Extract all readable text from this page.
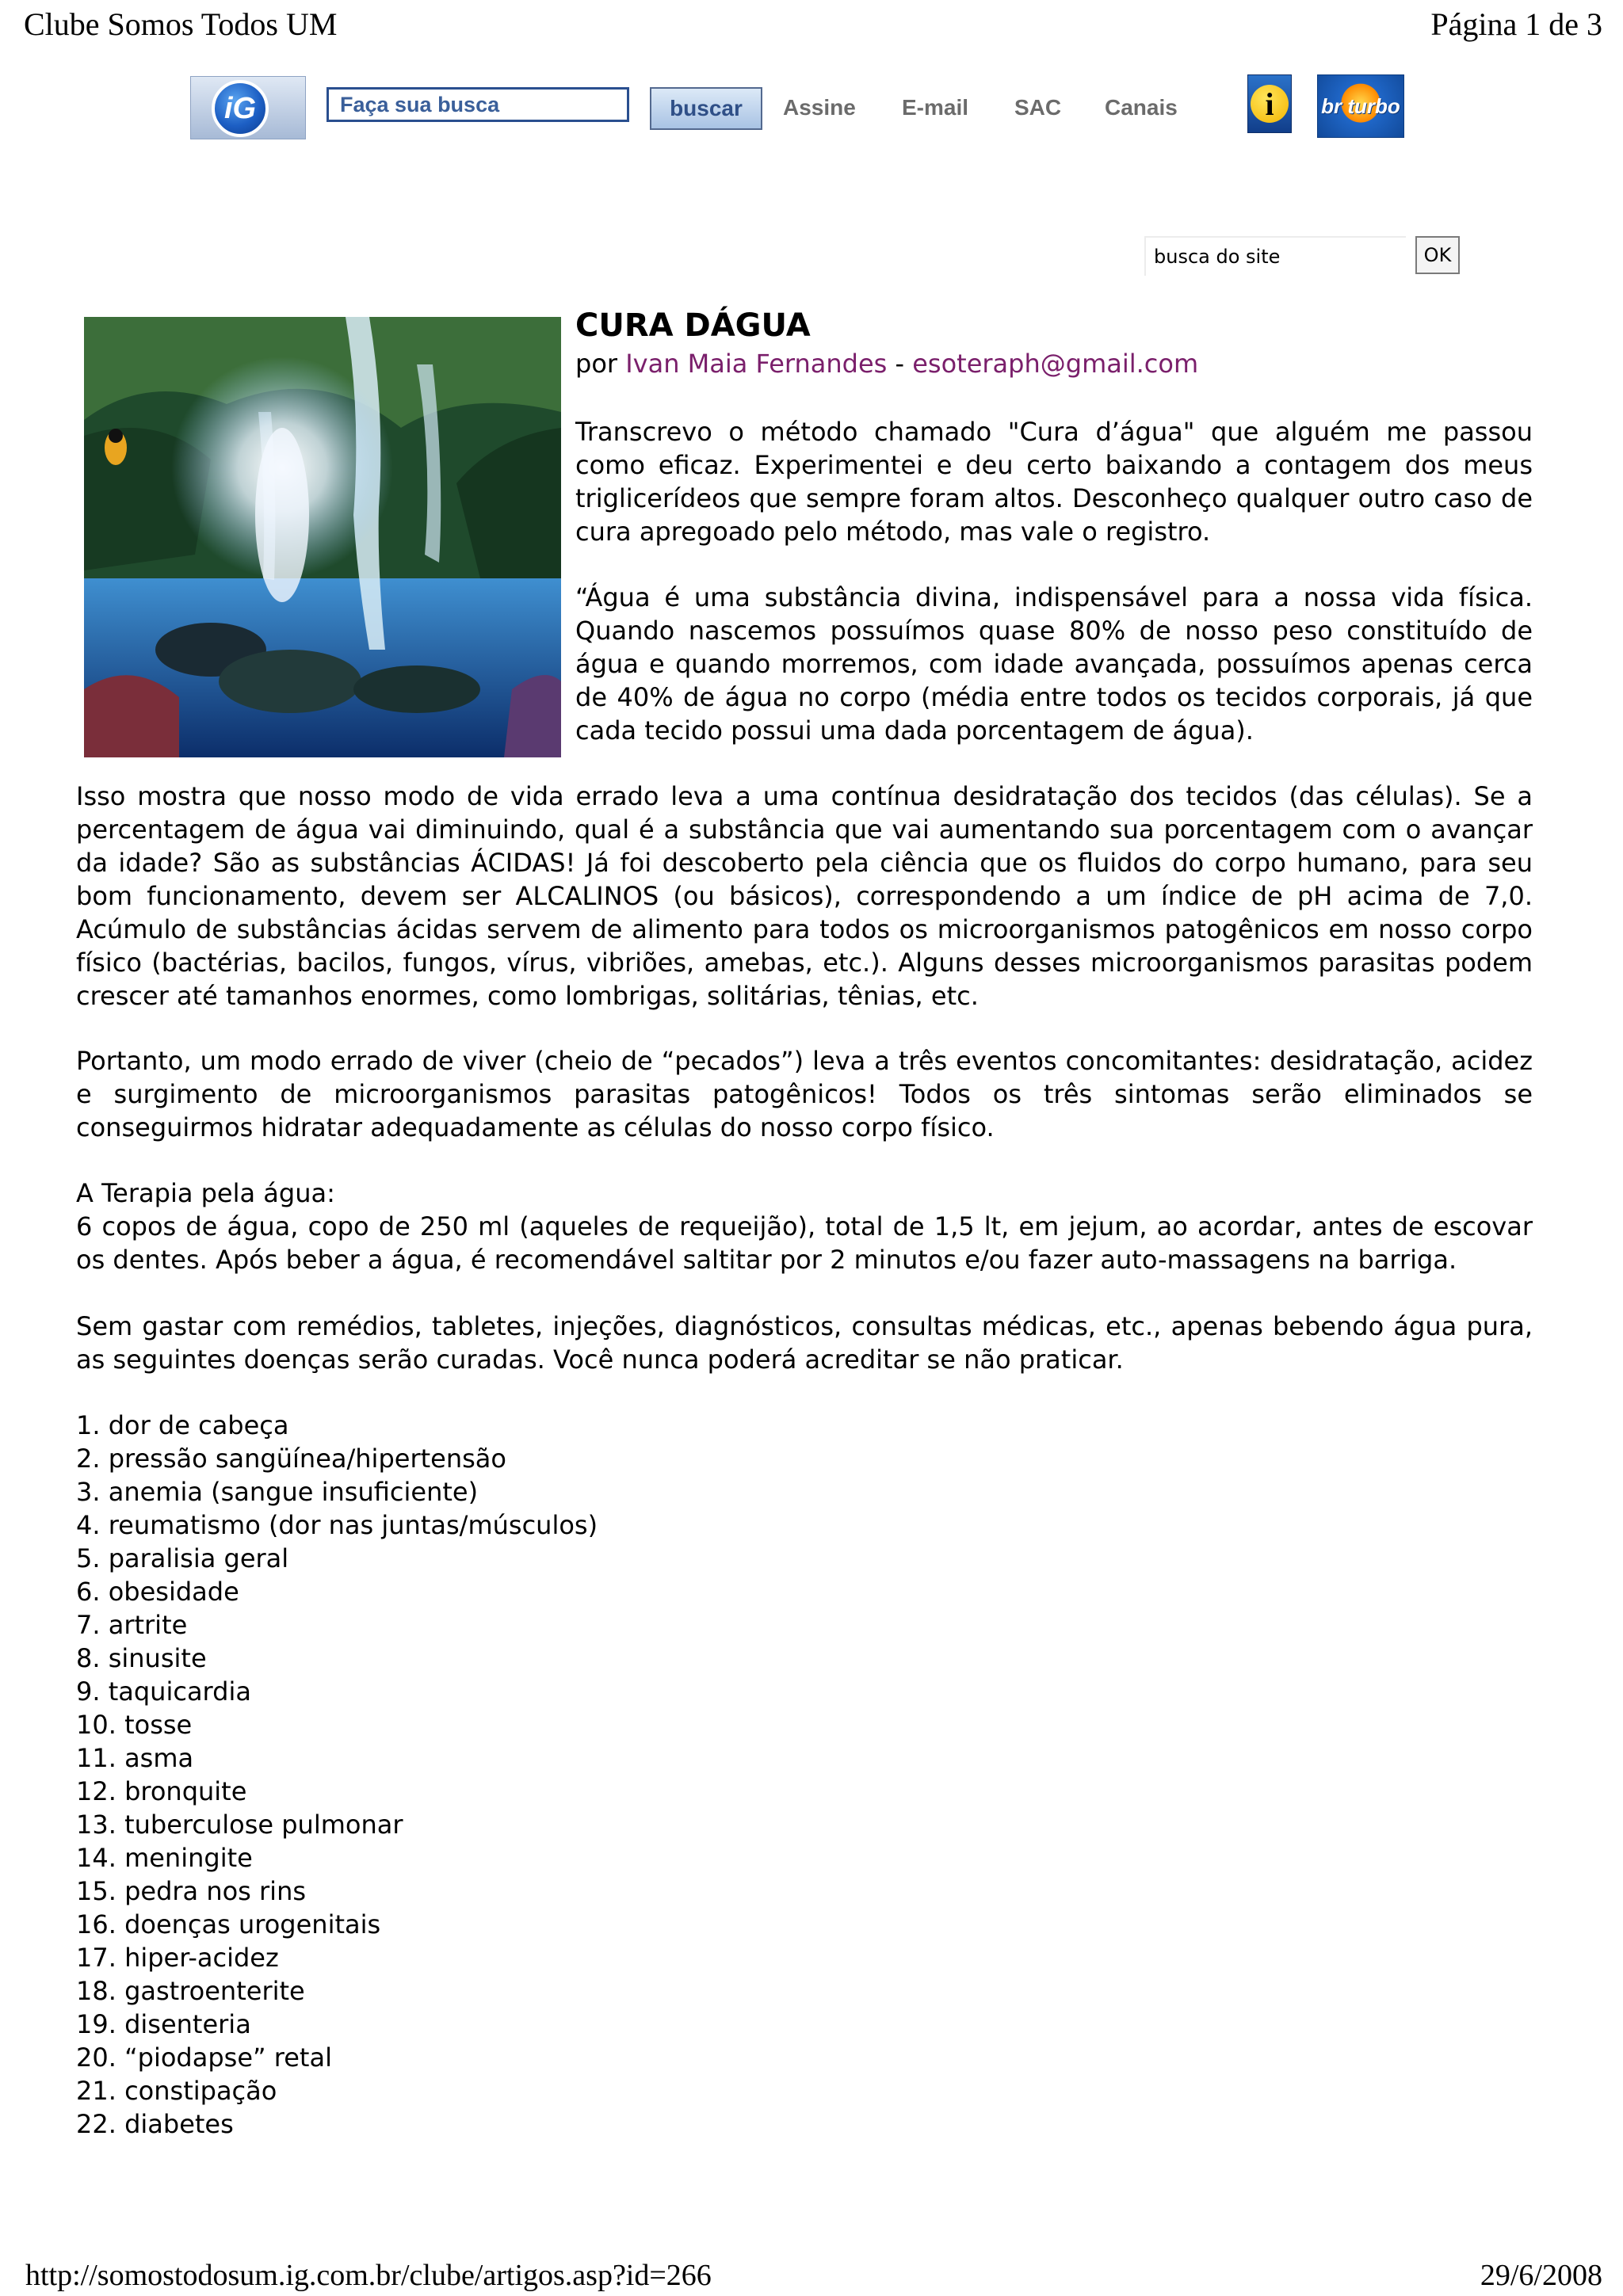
Clube Somos Todos UM	Página 1 de 3
iG
Faça sua busca	buscar	Assine E-mail SAC Canais	i	br turbo
busca do site
OK
CURA DÁGUA
por Ivan Maia Fernandes - esoteraph@gmail.com

Transcrevo o método chamado "Cura d’água" que alguém me passou como eficaz. Experimentei e deu certo baixando a contagem dos meus triglicerídeos que sempre foram altos. Desconheço qualquer outro caso de cura apregoado pelo método, mas vale o registro.

“Água é uma substância divina, indispensável para a nossa vida física. Quando nascemos possuímos quase 80% de nosso peso constituído de água e quando morremos, com idade avançada, possuímos apenas cerca de 40% de água no corpo (média entre todos os tecidos corporais, já que cada tecido possui uma dada porcentagem de água).

Isso mostra que nosso modo de vida errado leva a uma contínua desidratação dos tecidos (das células). Se a percentagem de água vai diminuindo, qual é a substância que vai aumentando sua porcentagem com o avançar da idade? São as substâncias ÁCIDAS! Já foi descoberto pela ciência que os fluidos do corpo humano, para seu bom funcionamento, devem ser ALCALINOS (ou básicos), correspondendo a um índice de pH acima de 7,0. Acúmulo de substâncias ácidas servem de alimento para todos os microorganismos patogênicos em nosso corpo físico (bactérias, bacilos, fungos, vírus, vibriões, amebas, etc.). Alguns desses microorganismos parasitas podem crescer até tamanhos enormes, como lombrigas, solitárias, tênias, etc.

Portanto, um modo errado de viver (cheio de “pecados”) leva a três eventos concomitantes: desidratação, acidez e surgimento de microorganismos parasitas patogênicos! Todos os três sintomas serão eliminados se conseguirmos hidratar adequadamente as células do nosso corpo físico.

A Terapia pela água:

6 copos de água, copo de 250 ml (aqueles de requeijão), total de 1,5 lt, em jejum, ao acordar, antes de escovar os dentes. Após beber a água, é recomendável saltitar por 2 minutos e/ou fazer auto-massagens na barriga.

Sem gastar com remédios, tabletes, injeções, diagnósticos, consultas médicas, etc., apenas bebendo água pura, as seguintes doenças serão curadas. Você nunca poderá acreditar se não praticar.

1. dor de cabeça
2. pressão sangüínea/hipertensão
3. anemia (sangue insuficiente)
4. reumatismo (dor nas juntas/músculos)
5. paralisia geral
6. obesidade
7. artrite
8. sinusite
9. taquicardia
10. tosse
11. asma
12. bronquite
13. tuberculose pulmonar
14. meningite
15. pedra nos rins
16. doenças urogenitais
17. hiper-acidez
18. gastroenterite
19. disenteria
20. “piodapse” retal
21. constipação
22. diabetes
http://somostodosum.ig.com.br/clube/artigos.asp?id=266	29/6/2008
